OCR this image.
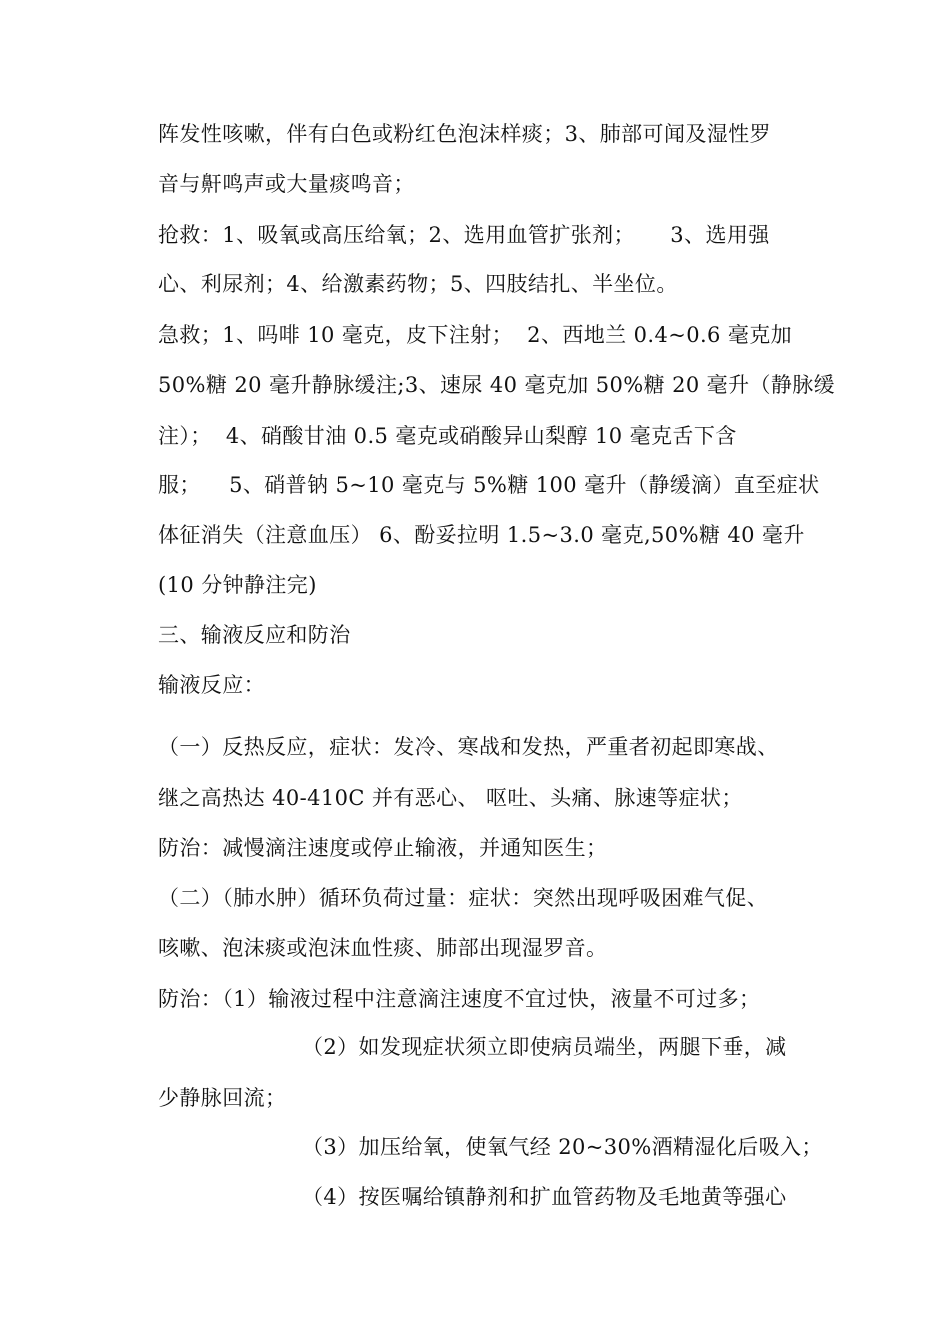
阵发性咳嗽，伴有白色或粉红色泡沫样痰；3、肺部可闻及湿性罗
音与鼾鸣声或大量痰鸣音；
抢救：1、吸氧或高压给氧；2、选用血管扩张剂；     3、选用强
心、利尿剂；4、给激素药物；5、四肢结扎、半坐位。
急救；1、吗啡 10 毫克，皮下注射；  2、西地兰 0.4~0.6 毫克加
50%糖 20 毫升静脉缓注;3、速尿 40 毫克加 50%糖 20 毫升（静脉缓
注）；  4、硝酸甘油 0.5 毫克或硝酸异山梨醇 10 毫克舌下含
服；    5、硝普钠 5~10 毫克与 5%糖 100 毫升（静缓滴）直至症状
体征消失（注意血压） 6、酚妥拉明 1.5~3.0 毫克,50%糖 40 毫升
(10 分钟静注完)
三、输液反应和防治
输液反应：
（一）反热反应，症状：发冷、寒战和发热，严重者初起即寒战、
继之高热达 40-410C 并有恶心、 呕吐、头痛、脉速等症状；
防治：减慢滴注速度或停止输液，并通知医生；
（二）（肺水肿）循环负荷过量：症状：突然出现呼吸困难气促、
咳嗽、泡沫痰或泡沫血性痰、肺部出现湿罗音。
防治：（1）输液过程中注意滴注速度不宜过快，液量不可过多；
（2）如发现症状须立即使病员端坐，两腿下垂，减
少静脉回流；
（3）加压给氧，使氧气经 20~30%酒精湿化后吸入；
（4）按医嘱给镇静剂和扩血管药物及毛地黄等强心
